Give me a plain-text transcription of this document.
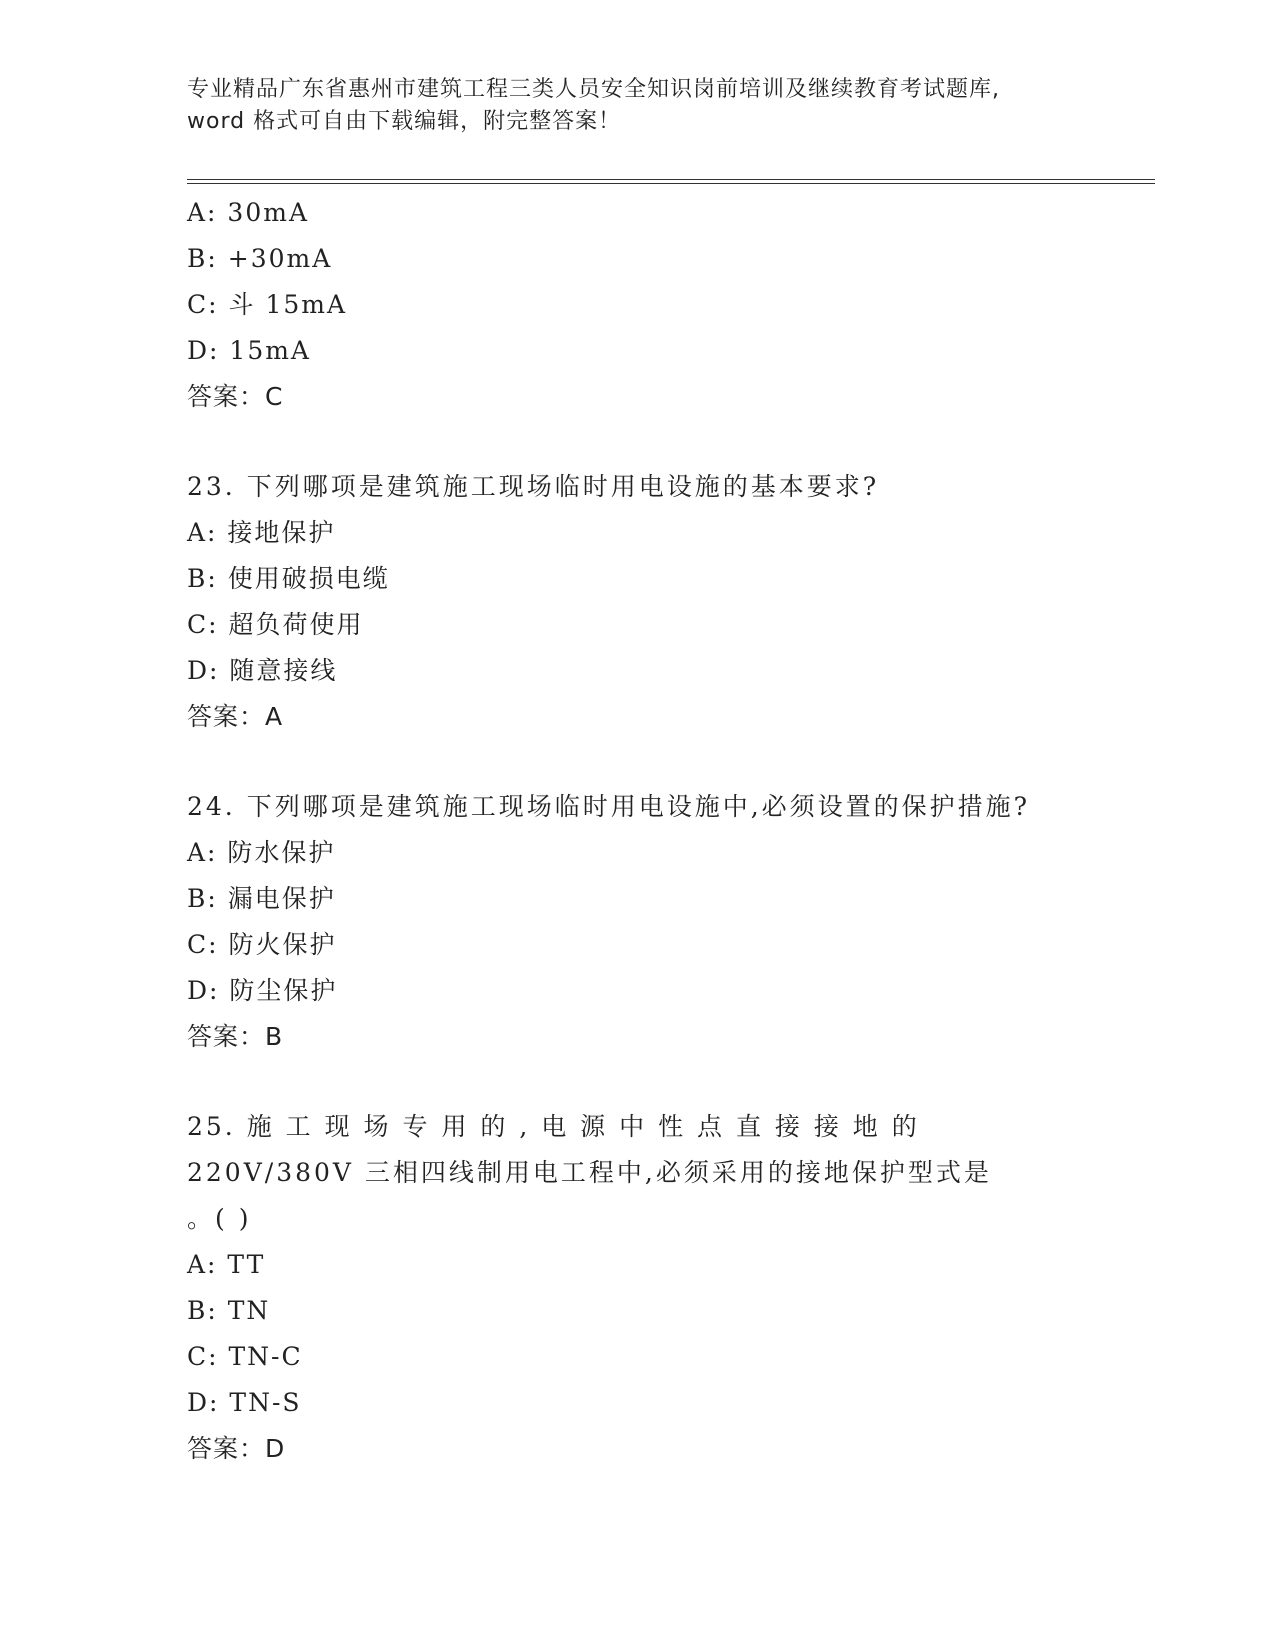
专业精品广东省惠州市建筑工程三类人员安全知识岗前培训及继续教育考试题库,
word 格式可自由下载编辑，附完整答案！
A: 30mA
B: +30mA
C: 斗 15mA
D: 15mA
答案：C
23. 下列哪项是建筑施工现场临时用电设施的基本要求?
A: 接地保护
B: 使用破损电缆
C: 超负荷使用
D: 随意接线
答案：A
24. 下列哪项是建筑施工现场临时用电设施中,必须设置的保护措施?
A: 防水保护
B: 漏电保护
C: 防火保护
D: 防尘保护
答案：B
25. 施 工 现 场 专 用 的 , 电 源 中 性 点 直 接 接 地 的
220V/380V 三相四线制用电工程中,必须采用的接地保护型式是
。( )
A: TT
B: TN
C: TN-C
D: TN-S
答案：D
